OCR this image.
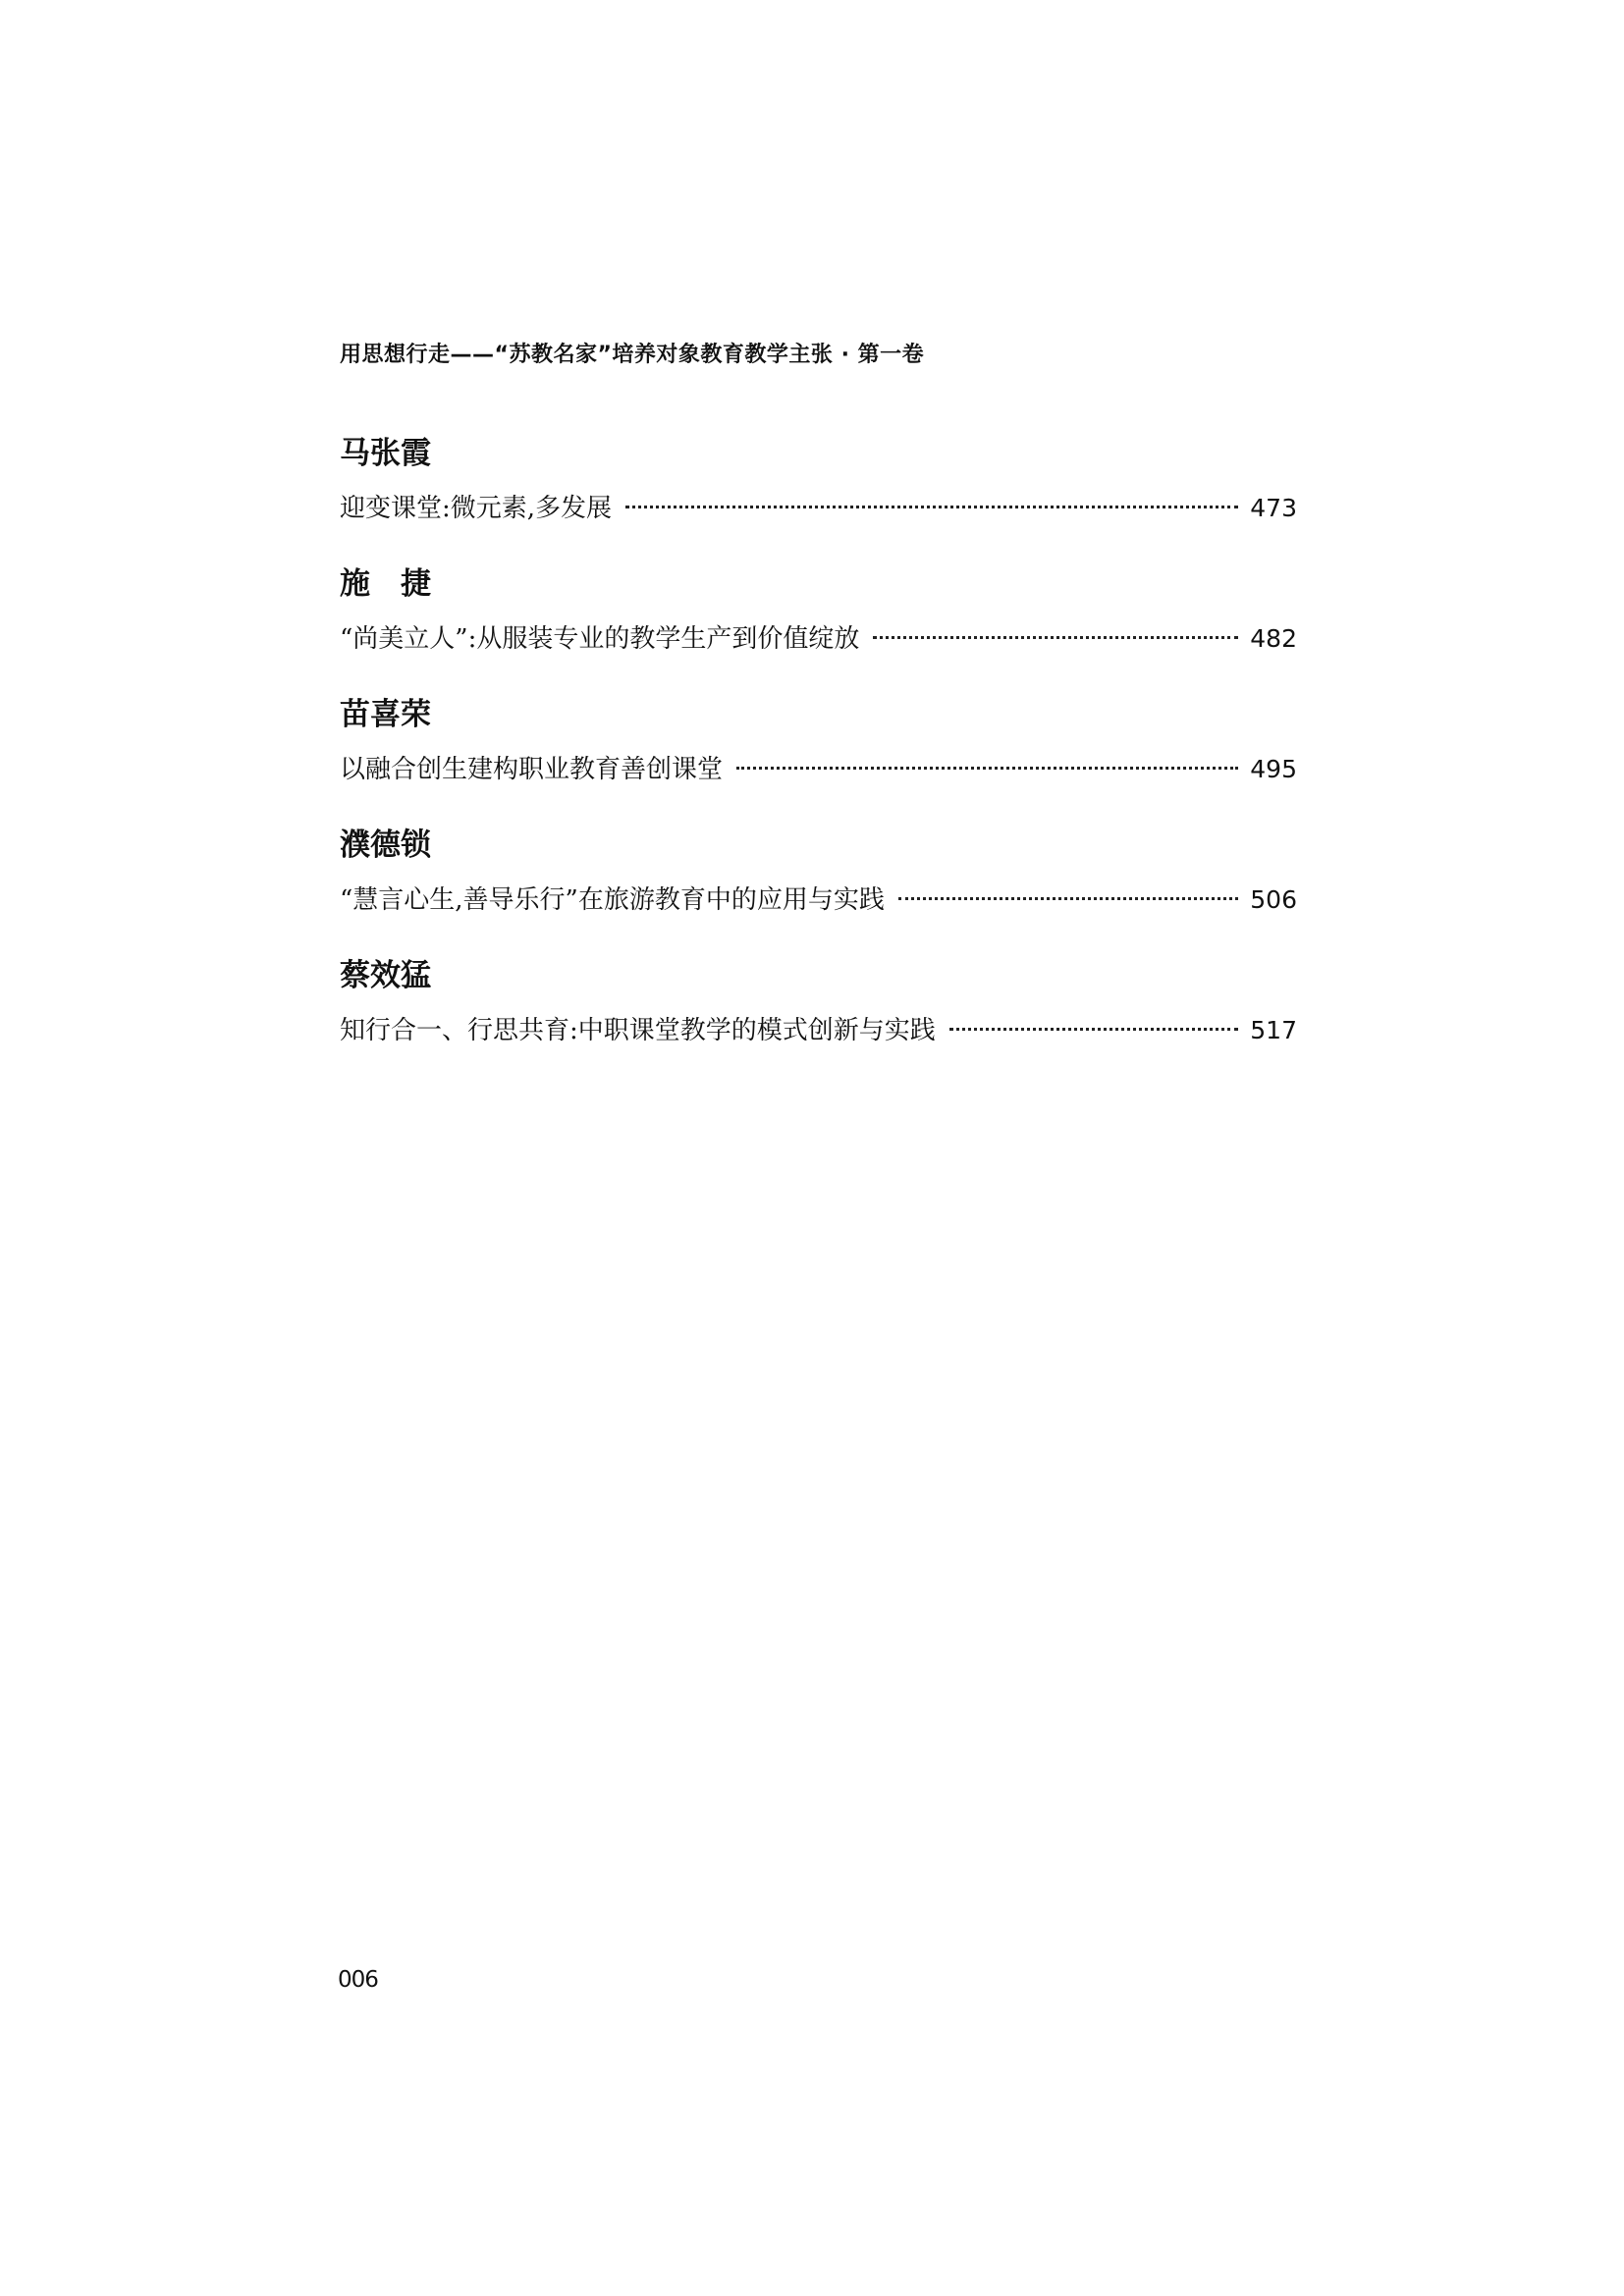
用思想行走——“苏教名家”培养对象教育教学主张 · 第一卷
马张霞
迎变课堂:微元素,多发展	473
施　捷
“尚美立人”:从服装专业的教学生产到价值绽放	482
苗喜荣
以融合创生建构职业教育善创课堂	495
濮德锁
“慧言心生,善导乐行”在旅游教育中的应用与实践	506
蔡效猛
知行合一、行思共育:中职课堂教学的模式创新与实践	517
006
